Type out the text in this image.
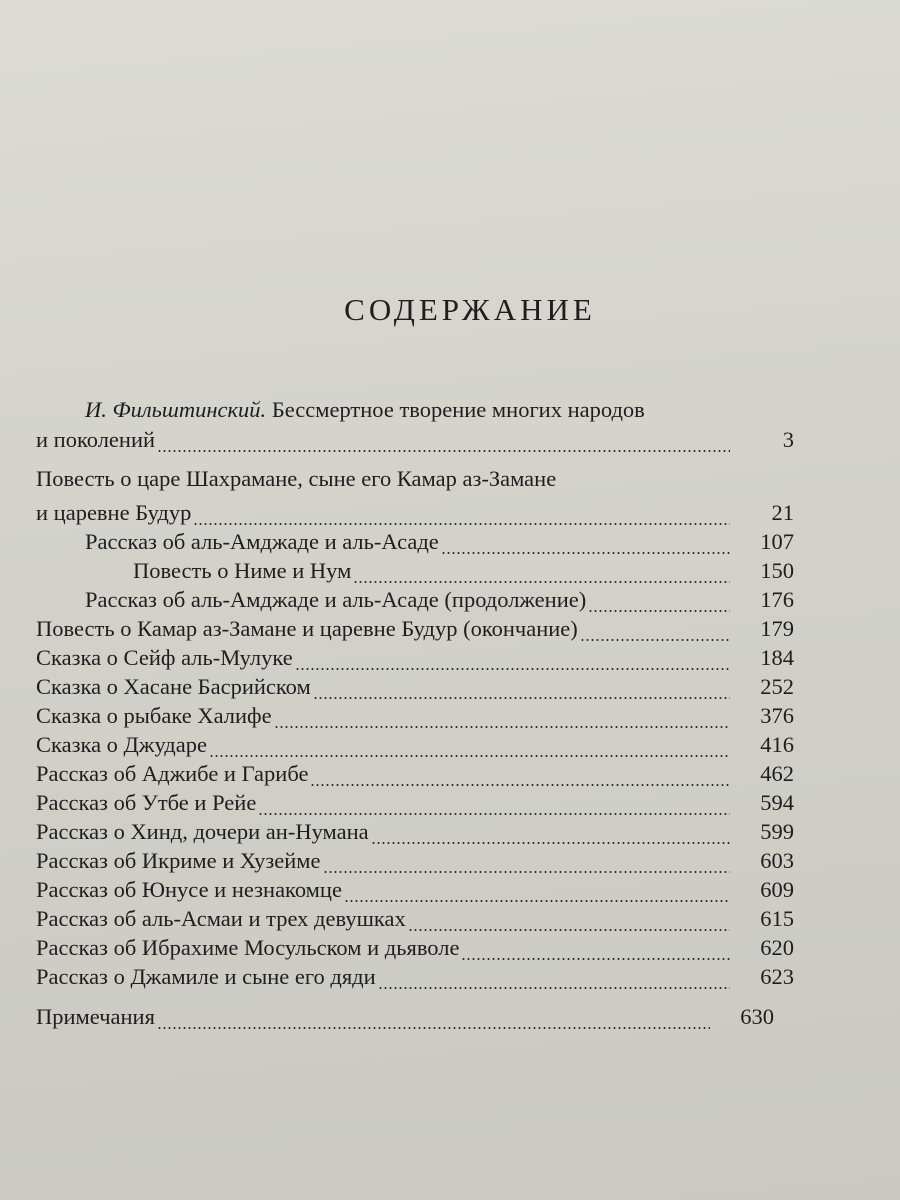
СОДЕРЖАНИЕ
И. Фильштинский. Бессмертное творение многих народов
и поколений	3
Повесть о царе Шахрамане, сыне его Камар аз-Замане
и царевне Будур	21
Рассказ об аль-Амджаде и аль-Асаде	107
Повесть о Ниме и Нум	150
Рассказ об аль-Амджаде и аль-Асаде (продолжение)	176
Повесть о Камар аз-Замане и царевне Будур (окончание)	179
Сказка о Сейф аль-Мулуке	184
Сказка о Хасане Басрийском	252
Сказка о рыбаке Халифе	376
Сказка о Джударе	416
Рассказ об Аджибе и Гарибе	462
Рассказ об Утбе и Рейе	594
Рассказ о Хинд, дочери ан-Нумана	599
Рассказ об Икриме и Хузейме	603
Рассказ об Юнусе и незнакомце	609
Рассказ об аль-Асмаи и трех девушках	615
Рассказ об Ибрахиме Мосульском и дьяволе	620
Рассказ о Джамиле и сыне его дяди	623
Примечания	630
